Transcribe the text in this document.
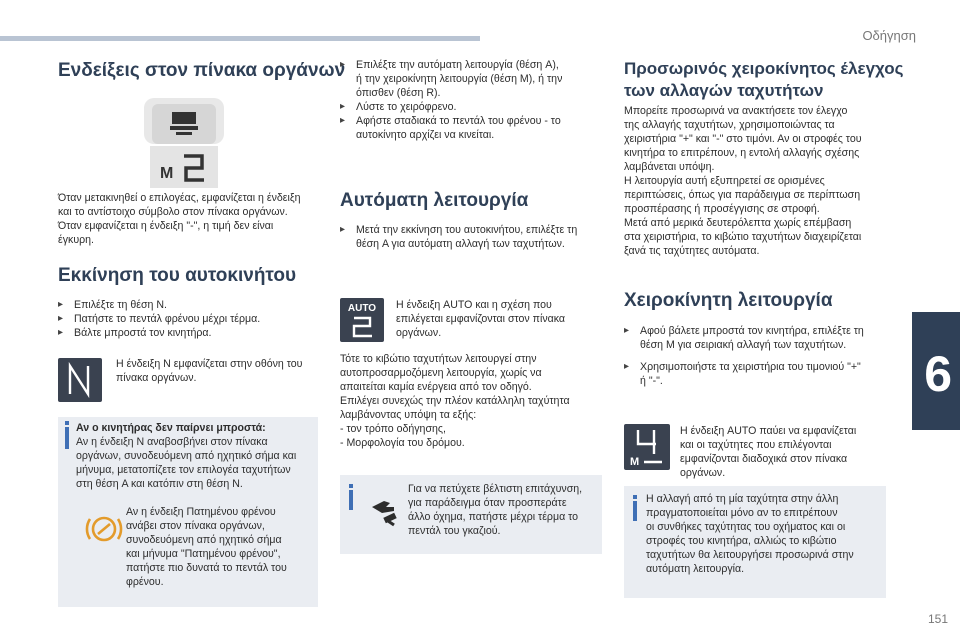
Οδήγηση
6
151
Ενδείξεις στον πίνακα οργάνων
M
Όταν μετακινηθεί ο επιλογέας, εμφανίζεται η ένδειξη
και το αντίστοιχο σύμβολο στον πίνακα οργάνων.
Όταν εμφανίζεται η ένδειξη "-", η τιμή δεν είναι
έγκυρη.
Εκκίνηση του αυτοκινήτου
▸ Επιλέξτε τη θέση N.
▸ Πατήστε το πεντάλ φρένου μέχρι τέρμα.
▸ Βάλτε μπροστά τον κινητήρα.
Η ένδειξη N εμφανίζεται στην οθόνη του
πίνακα οργάνων.
Αν ο κινητήρας δεν παίρνει μπροστά:
Αν η ένδειξη N αναβοσβήνει στον πίνακα
οργάνων, συνοδευόμενη από ηχητικό σήμα και
μήνυμα, μετατοπίζετε τον επιλογέα ταχυτήτων
στη θέση A και κατόπιν στη θέση N.
Αν η ένδειξη Πατημένου φρένου
ανάβει στον πίνακα οργάνων,
συνοδευόμενη από ηχητικό σήμα
και μήνυμα "Πατημένου φρένου",
πατήστε πιο δυνατά το πεντάλ του
φρένου.
▸ Επιλέξτε την αυτόματη λειτουργία (θέση A),
ή την χειροκίνητη λειτουργία (θέση M), ή την
όπισθεν (θέση R).
▸ Λύστε το χειρόφρενο.
▸ Αφήστε σταδιακά το πεντάλ του φρένου - το
αυτοκίνητο αρχίζει να κινείται.
Αυτόματη λειτουργία
▸ Μετά την εκκίνηση του αυτοκινήτου, επιλέξτε τη
θέση A για αυτόματη αλλαγή των ταχυτήτων.
AUTO Η ένδειξη AUTO και η σχέση που
επιλέγεται εμφανίζονται στον πίνακα
οργάνων.
Τότε το κιβώτιο ταχυτήτων λειτουργεί στην
αυτοπροσαρμοζόμενη λειτουργία, χωρίς να
απαιτείται καμία ενέργεια από τον οδηγό.
Επιλέγει συνεχώς την πλέον κατάλληλη ταχύτητα
λαμβάνοντας υπόψη τα εξής:
- τον τρόπο οδήγησης,
- Μορφολογία του δρόμου.
Για να πετύχετε βέλτιστη επιτάχυνση,
για παράδειγμα όταν προσπεράτε
άλλο όχημα, πατήστε μέχρι τέρμα το
πεντάλ του γκαζιού.
Προσωρινός χειροκίνητος έλεγχος
των αλλαγών ταχυτήτων
Μπορείτε προσωρινά να ανακτήσετε τον έλεγχο
της αλλαγής ταχυτήτων, χρησιμοποιώντας τα
χειριστήρια "+" και "-" στο τιμόνι. Αν οι στροφές του
κινητήρα το επιτρέπουν, η εντολή αλλαγής σχέσης
λαμβάνεται υπόψη.
Η λειτουργία αυτή εξυπηρετεί σε ορισμένες
περιπτώσεις, όπως για παράδειγμα σε περίπτωση
προσπέρασης ή προσέγγισης σε στροφή.
Μετά από μερικά δευτερόλεπτα χωρίς επέμβαση
στα χειριστήρια, το κιβώτιο ταχυτήτων διαχειρίζεται
ξανά τις ταχύτητες αυτόματα.
Χειροκίνητη λειτουργία
▸ Αφού βάλετε μπροστά τον κινητήρα, επιλέξτε τη
θέση M για σειριακή αλλαγή των ταχυτήτων.
▸ Χρησιμοποιήστε τα χειριστήρια του τιμονιού "+"
ή "-".
M
Η ένδειξη AUTO παύει να εμφανίζεται
και οι ταχύτητες που επιλέγονται
εμφανίζονται διαδοχικά στον πίνακα
οργάνων.
Η αλλαγή από τη μία ταχύτητα στην άλλη
πραγματοποιείται μόνο αν το επιτρέπουν
οι συνθήκες ταχύτητας του οχήματος και οι
στροφές του κινητήρα, αλλιώς το κιβώτιο
ταχυτήτων θα λειτουργήσει προσωρινά στην
αυτόματη λειτουργία.
